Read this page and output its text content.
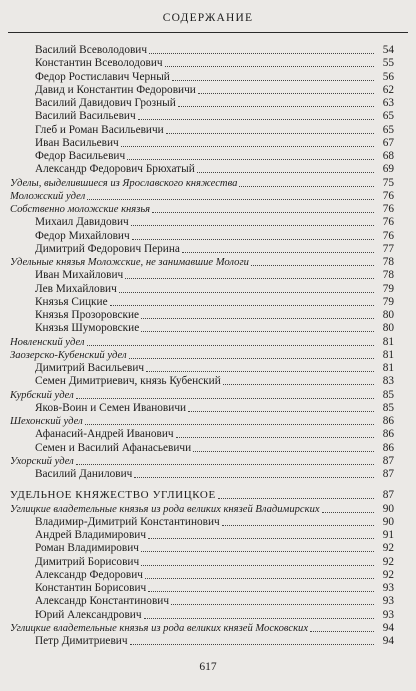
СОДЕРЖАНИЕ
Василий Всеволодович	54
Константин Всеволодович	55
Федор Ростиславич Черный	56
Давид и Константин Федоровичи	62
Василий Давидович Грозный	63
Василий Васильевич	65
Глеб и Роман Васильевичи	65
Иван Васильевич	67
Федор Васильевич	68
Александр Федорович Брюхатый	69
Уделы, выделившиеся из Ярославского княжества	75
Моложский удел	76
Собственно моложские князья	76
Михаил Давидович	76
Федор Михайлович	76
Димитрий Федорович Перина	77
Удельные князья Моложские, не занимавшие Мологи	78
Иван Михайлович	78
Лев Михайлович	79
Князья Сицкие	79
Князья Прозоровские	80
Князья Шуморовские	80
Новленский удел	81
Заозерско-Кубенский удел	81
Димитрий Васильевич	81
Семен Димитриевич, князь Кубенский	83
Курбский удел	85
Яков-Воин и Семен Ивановичи	85
Шехонский удел	86
Афанасий-Андрей Иванович	86
Семен и Василий Афанасьевичи	86
Ухорский удел	87
Василий Данилович	87
УДЕЛЬНОЕ КНЯЖЕСТВО УГЛИЦКОЕ	87
Углицкие владетельные князья из рода великих князей Владимирских	90
Владимир-Димитрий Константинович	90
Андрей Владимирович	91
Роман Владимирович	92
Димитрий Борисович	92
Александр Федорович	92
Константин Борисович	93
Александр Константинович	93
Юрий Александрович	93
Углицкие владетельные князья из рода великих князей Московских	94
Петр Димитриевич	94
617
